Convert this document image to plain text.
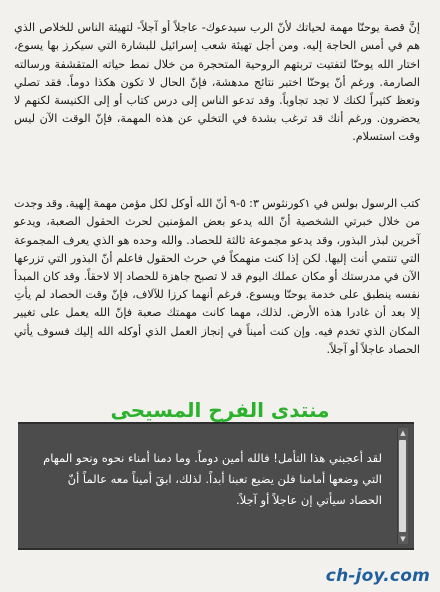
إنَّ قصة يوحنّا مهمة لحياتك لأنّ الرب سيدعوك- عاجلاً أو آجلاً- لتهيئة الناس للخلاص الذي هم في أمس الحاجة إليه. ومن أجل تهيئة شعب إسرائيل للبشارة التي سيكرز بها يسوع، اختار الله يوحنّا لتفتيت تربتهم الروحية المتحجرة من خلال نمط حياته المتقشفة ورسالته الصارمة. ورغم أنّ يوحنّا اختبر نتائج مدهشة، فإنّ الحال لا تكون هكذا دوماً. فقد تصلي وتعظ كثيراً لكنك لا تجد تجاوباً. وقد تدعو الناس إلى درس كتاب أو إلى الكنيسة لكنهم لا يحضرون. ورغم أنك قد ترغب بشدة في التخلي عن هذه المهمة، فإنّ الوقت الآن ليس وقت استسلام.

كتب الرسول بولس في ١كورنثوس ٣: ٥-٩ أنّ الله أوكل لكل مؤمن مهمة إلهية. وقد وجدت من خلال خبرتي الشخصية أنّ الله يدعو بعض المؤمنين لحرث الحقول الصعبة، ويدعو آخرين لبذر البذور، وقد يدعو مجموعة ثالثة للحصاد. والله وحده هو الذي يعرف المجموعة التي تنتمي أنت إليها. لكن إذا كنت منهمكاً في حرث الحقول فاعلم أنّ البذور التي تزرعها الآن في مدرستك أو مكان عملك اليوم قد لا تصبح جاهزة للحصاد إلا لاحقاً. وقد كان المبدأ نفسه ينطبق على خدمة يوحنّا ويسوع. فرغم أنهما كرزا للآلاف، فإنّ وقت الحصاد لم يأتِ إلا بعد أن غادرا هذه الأرض. لذلك، مهما كانت مهمتك صعبة فإنّ الله يعمل على تغيير المكان الذي تخدم فيه. وإن كنت أميناً في إنجاز العمل الذي أوكله الله إليك فسوف يأتي الحصاد عاجلاً أو آجلاً.

منتدى الفرح المسيحى
لقد أعجبني هذا التأمل! فالله أمين دوماً. وما دمنا أمناء نحوه ونحو المهام التي وضعها أمامنا فلن يضيع تعبنا أبداً. لذلك، ابقَ أميناً معه عالماً أنّ الحصاد سيأتي إن عاجلاً أو آجلاً.
▲
▼
ch-joy.com
